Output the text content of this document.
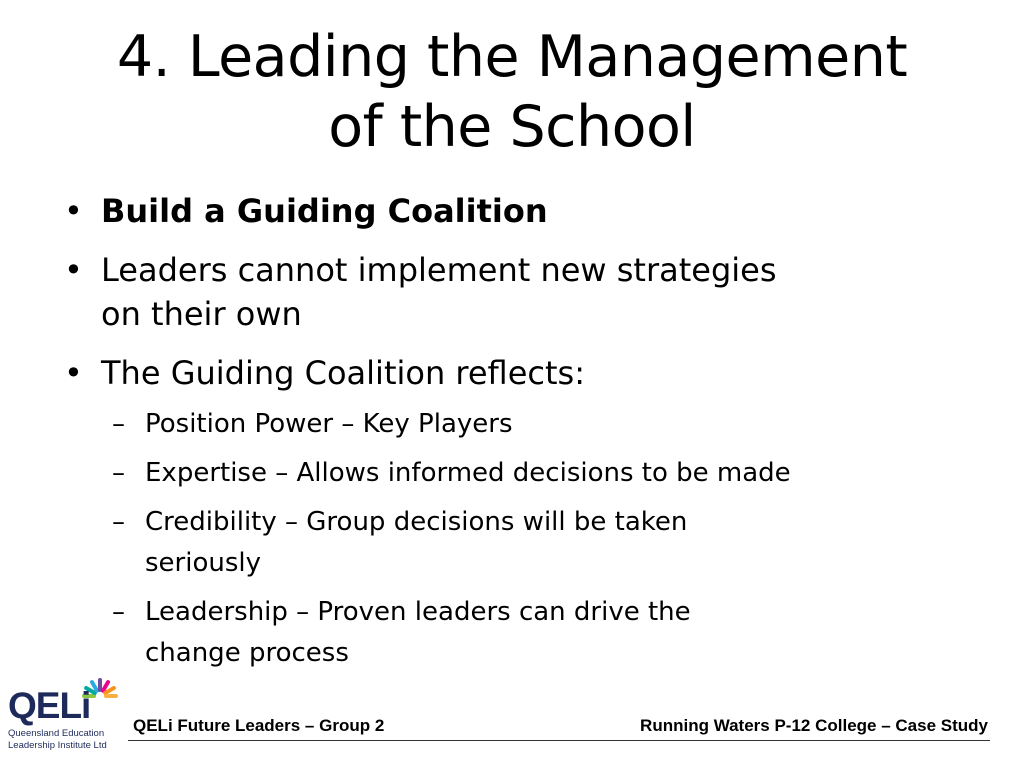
4. Leading the Management
of the School
• Build a Guiding Coalition
• Leaders cannot implement new strategies
on their own
• The Guiding Coalition reflects:
– Position Power – Key Players
– Expertise – Allows informed decisions to be made
– Credibility – Group decisions will be taken
seriously
– Leadership – Proven leaders can drive the
change process
QELi
Queensland Education
Leadership Institute Ltd
QELi Future Leaders – Group 2	Running Waters P-12 College – Case Study
